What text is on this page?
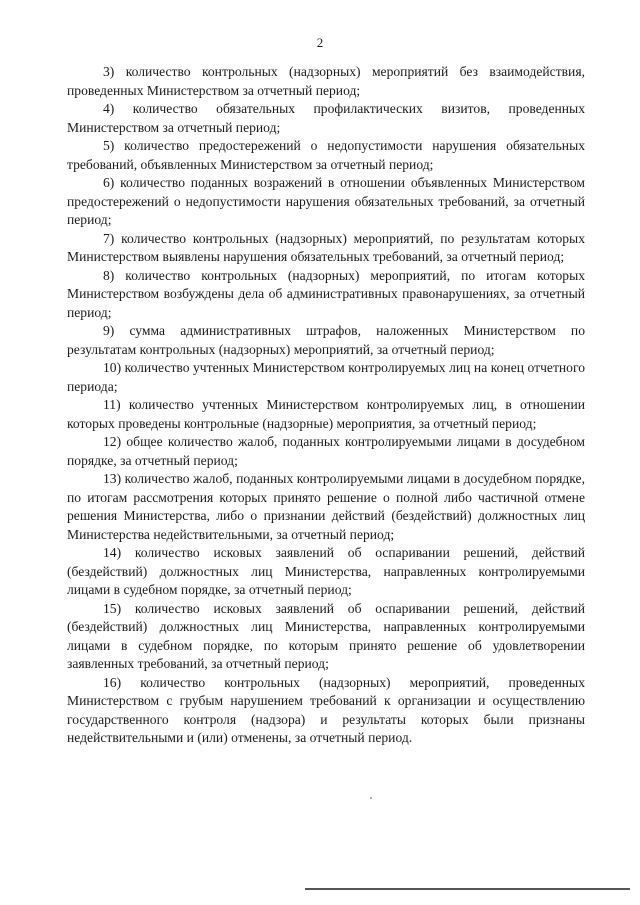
2

3) количество контрольных (надзорных) мероприятий без взаимодействия, проведенных Министерством за отчетный период;

4) количество обязательных профилактических визитов, проведенных Министерством за отчетный период;

5) количество предостережений о недопустимости нарушения обязательных требований, объявленных Министерством за отчетный период;

6) количество поданных возражений в отношении объявленных Министерством предостережений о недопустимости нарушения обязательных требований, за отчетный период;

7) количество контрольных (надзорных) мероприятий, по результатам которых Министерством выявлены нарушения обязательных требований, за отчетный период;

8) количество контрольных (надзорных) мероприятий, по итогам которых Министерством возбуждены дела об административных правонарушениях, за отчетный период;

9) сумма административных штрафов, наложенных Министерством по результатам контрольных (надзорных) мероприятий, за отчетный период;

10) количество учтенных Министерством контролируемых лиц на конец отчетного периода;

11) количество учтенных Министерством контролируемых лиц, в отношении которых проведены контрольные (надзорные) мероприятия, за отчетный период;

12) общее количество жалоб, поданных контролируемыми лицами в досудебном порядке, за отчетный период;

13) количество жалоб, поданных контролируемыми лицами в досудебном порядке, по итогам рассмотрения которых принято решение о полной либо частичной отмене решения Министерства, либо о признании действий (бездействий) должностных лиц Министерства недействительными, за отчетный период;

14) количество исковых заявлений об оспаривании решений, действий (бездействий) должностных лиц Министерства, направленных контролируемыми лицами в судебном порядке, за отчетный период;

15) количество исковых заявлений об оспаривании решений, действий (бездействий) должностных лиц Министерства, направленных контролируемыми лицами в судебном порядке, по которым принято решение об удовлетворении заявленных требований, за отчетный период;

16) количество контрольных (надзорных) мероприятий, проведенных Министерством с грубым нарушением требований к организации и осуществлению государственного контроля (надзора) и результаты которых были признаны недействительными и (или) отменены, за отчетный период.
